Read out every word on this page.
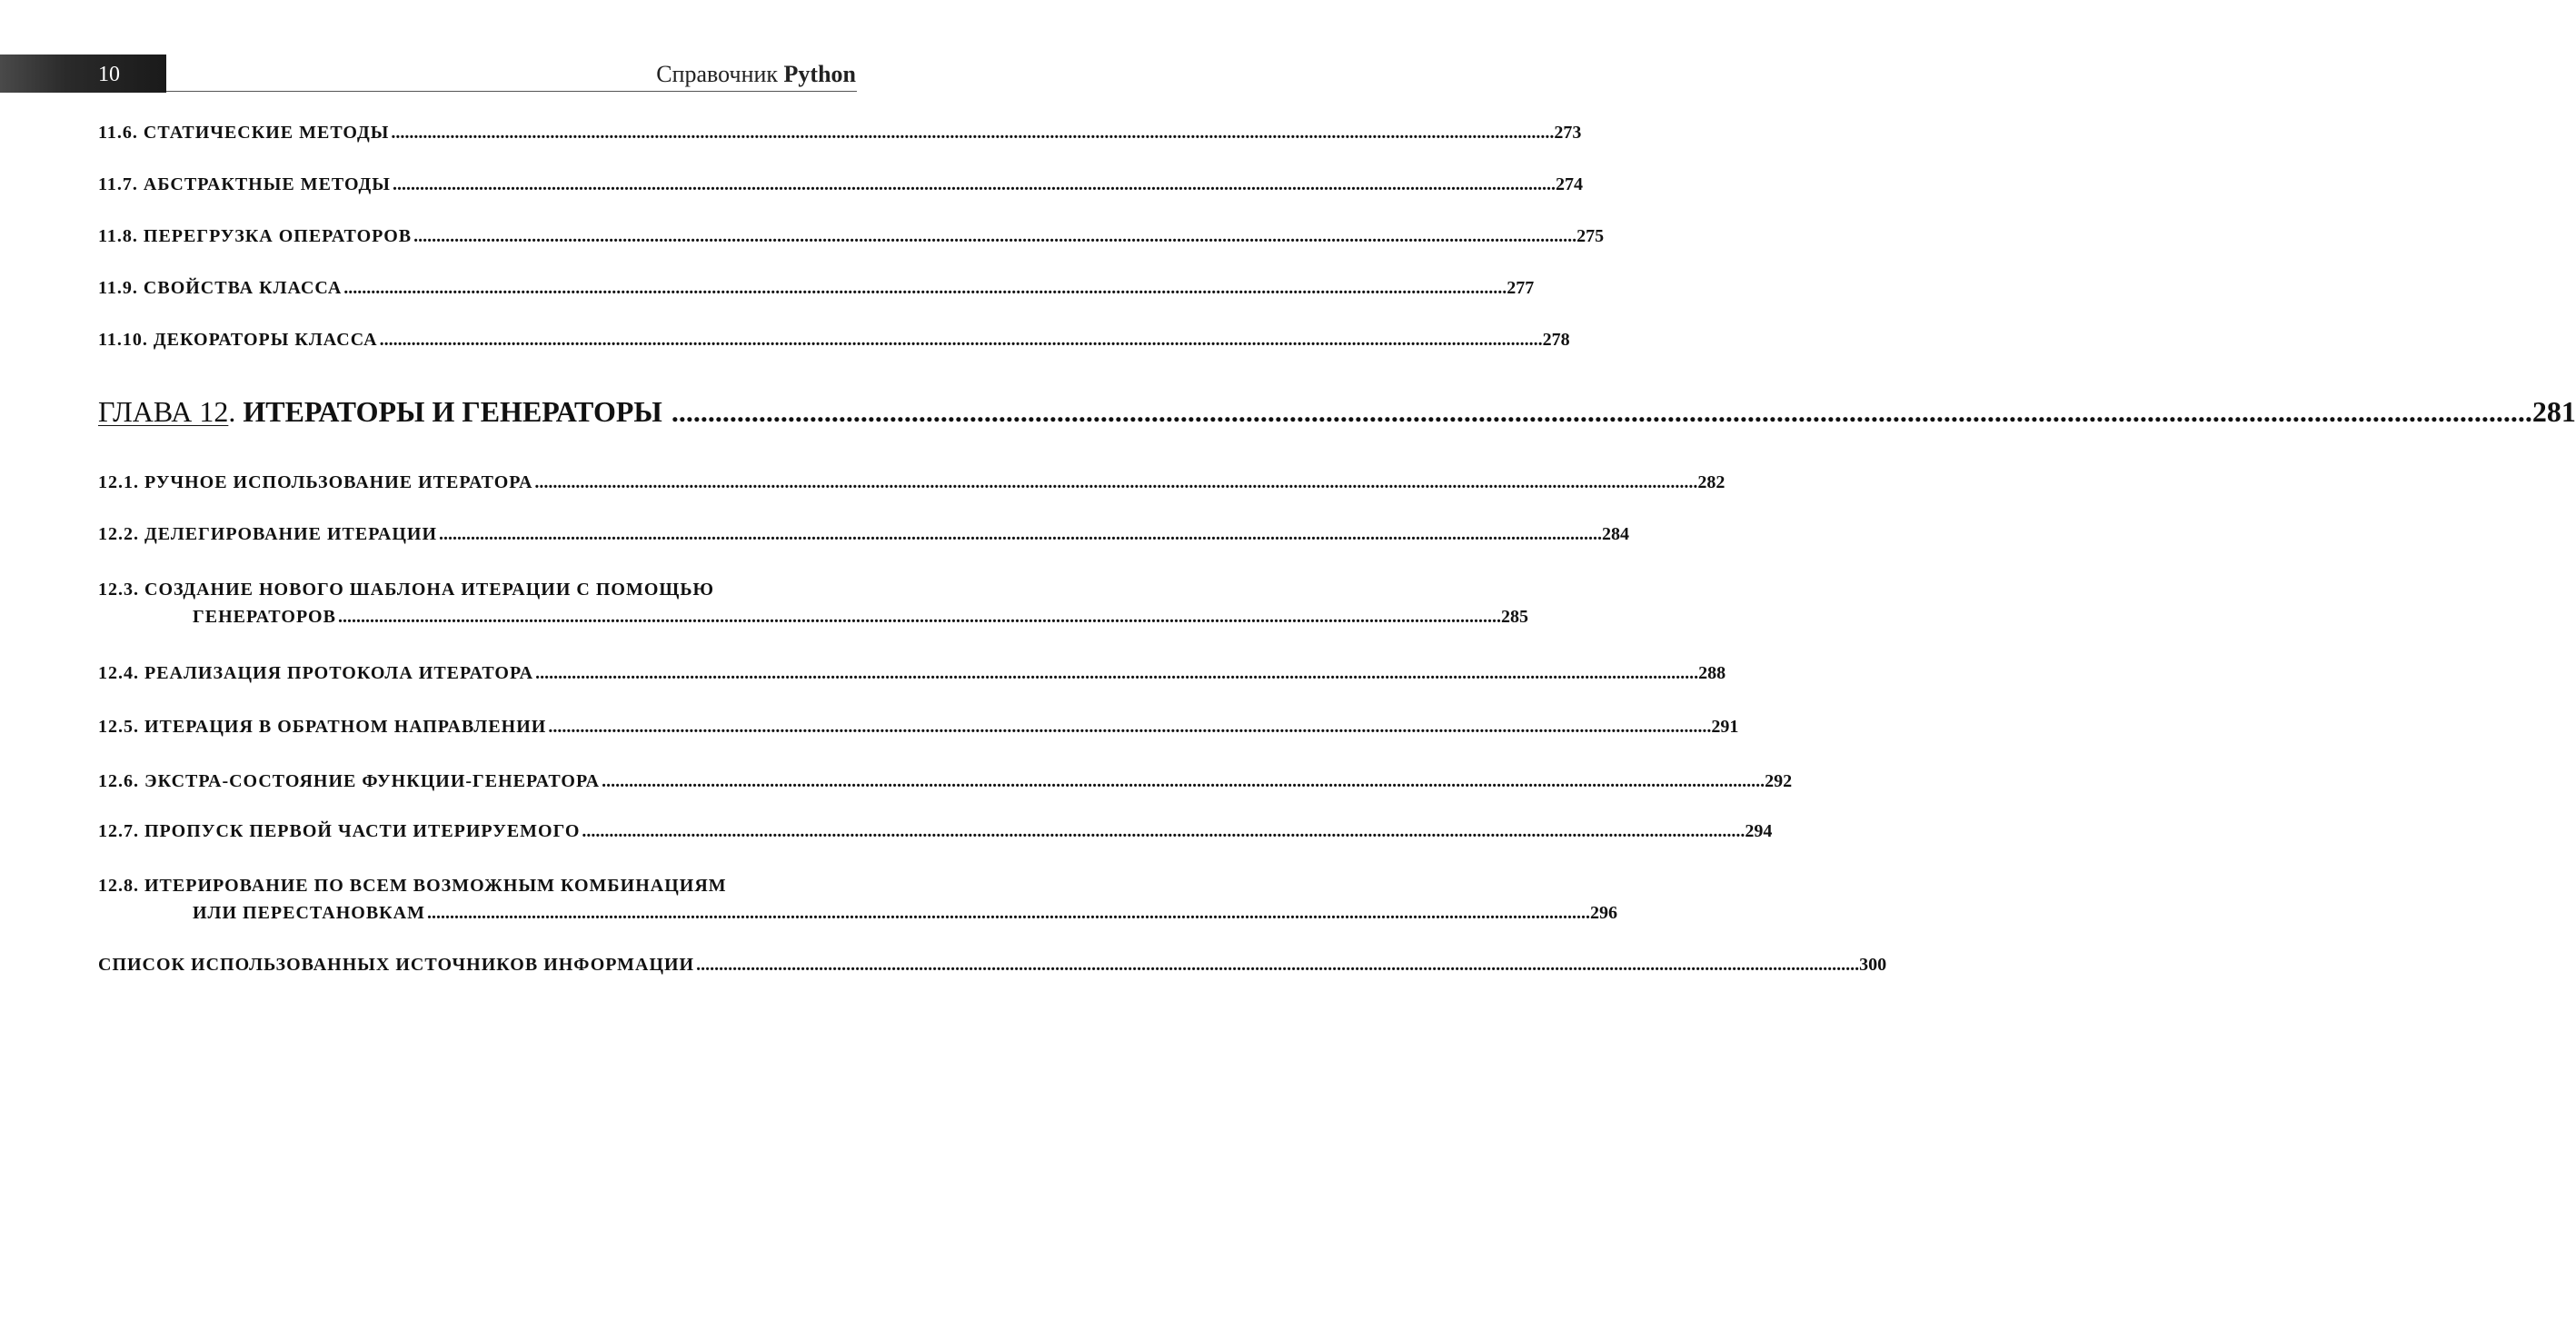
10	Справочник Python
11.6.
СТАТИЧЕСКИЕ МЕТОДЫ .....	273
11.7.
АБСТРАКТНЫЕ МЕТОДЫ .....	274
11.8.
ПЕРЕГРУЗКА ОПЕРАТОРОВ .....	275
11.9.
СВОЙСТВА КЛАССА .....	277
11.10.
ДЕКОРАТОРЫ КЛАССА .....	278
ГЛАВА 12 . ИТЕРАТОРЫ И ГЕНЕРАТОРЫ .....	281
12.1.
РУЧНОЕ ИСПОЛЬЗОВАНИЕ ИТЕРАТОРА .....	282
12.2.
ДЕЛЕГИРОВАНИЕ ИТЕРАЦИИ .....	284
12.3.
СОЗДАНИЕ НОВОГО ШАБЛОНА ИТЕРАЦИИ С ПОМОЩЬЮ
ГЕНЕРАТОРОВ .....	285
12.4.
РЕАЛИЗАЦИЯ ПРОТОКОЛА ИТЕРАТОРА .....	288
12.5.
ИТЕРАЦИЯ В ОБРАТНОМ НАПРАВЛЕНИИ .....	291
12.6.
ЭКСТРА-СОСТОЯНИЕ ФУНКЦИИ-ГЕНЕРАТОРА .....	292
12.7.
ПРОПУСК ПЕРВОЙ ЧАСТИ ИТЕРИРУЕМОГО .....	294
12.8.
ИТЕРИРОВАНИЕ ПО ВСЕМ ВОЗМОЖНЫМ КОМБИНАЦИЯМ
ИЛИ ПЕРЕСТАНОВКАМ .....	296
СПИСОК ИСПОЛЬЗОВАННЫХ ИСТОЧНИКОВ ИНФОРМАЦИИ .....	300
